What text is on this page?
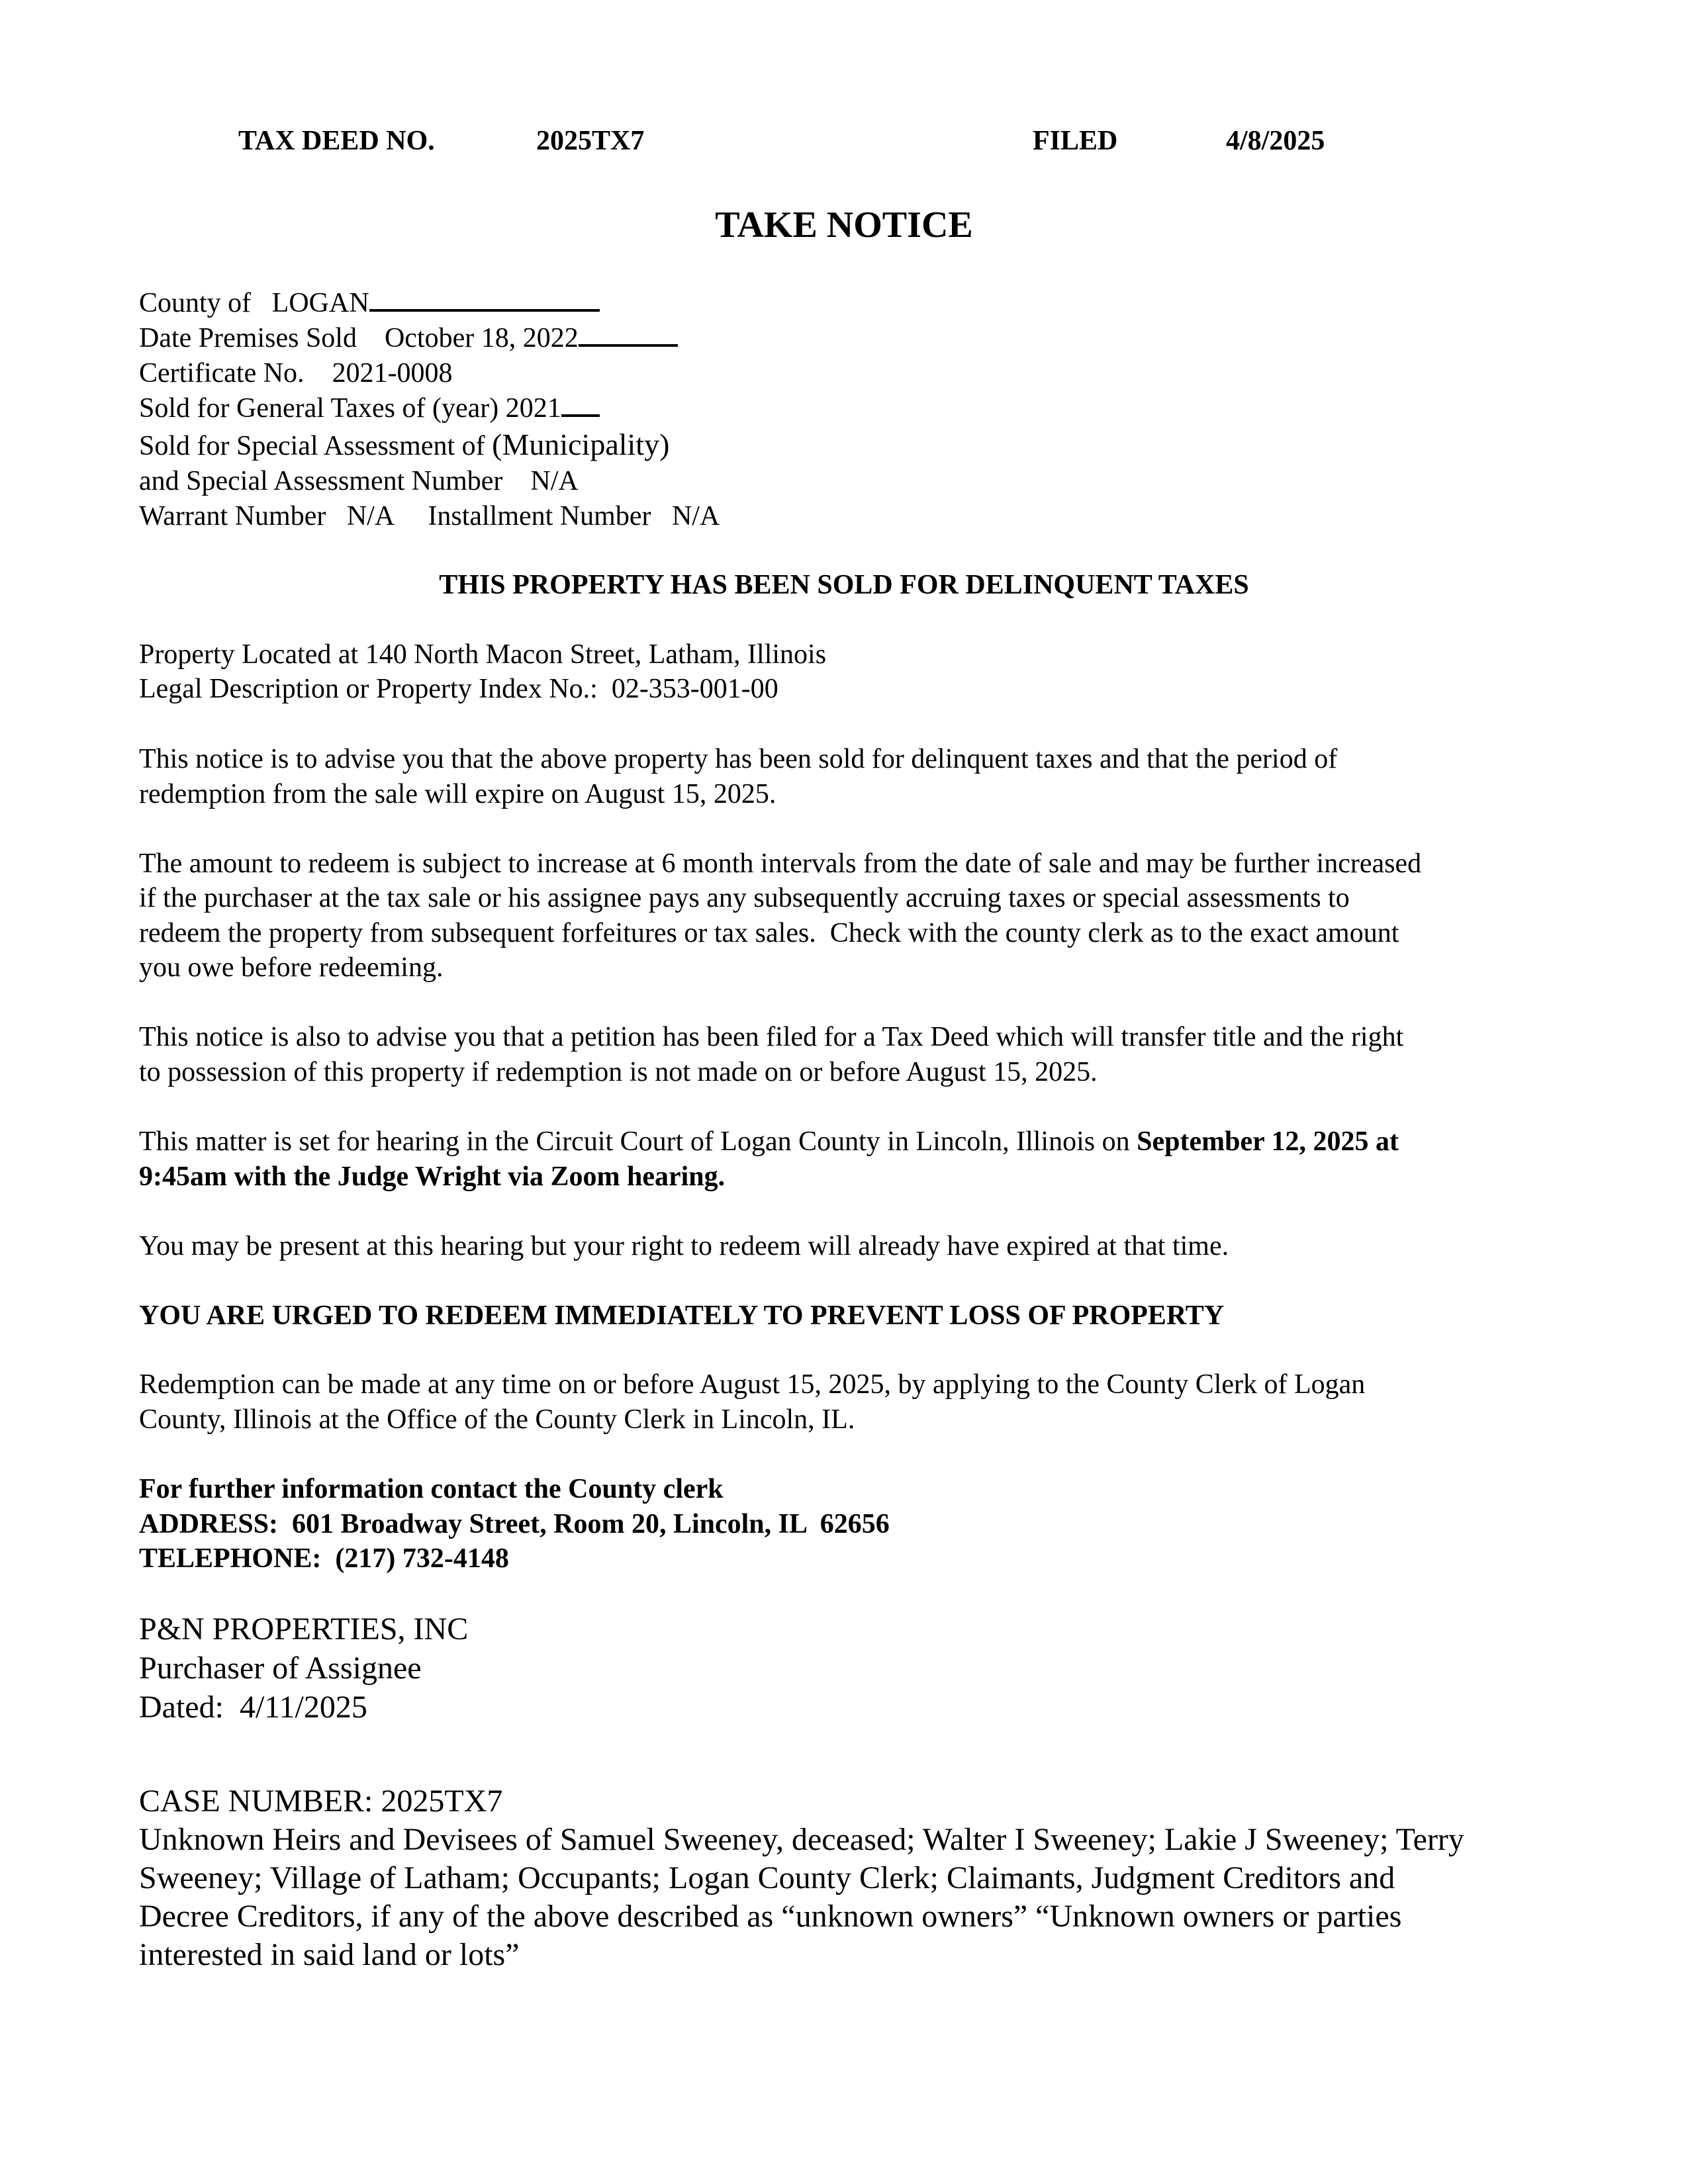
TAX DEED NO.	2025TX7	FILED	4/8/2025
TAKE NOTICE
County of LOGAN
Date Premises Sold October 18, 2022
Certificate No. 2021-0008
Sold for General Taxes of (year) 2021
Sold for Special Assessment of (Municipality)
and Special Assessment Number N/A
Warrant Number N/A Installment Number N/A
THIS PROPERTY HAS BEEN SOLD FOR DELINQUENT TAXES
Property Located at 140 North Macon Street, Latham, Illinois
Legal Description or Property Index No.:  02-353-001-00
This notice is to advise you that the above property has been sold for delinquent taxes and that the period of
redemption from the sale will expire on August 15, 2025.
The amount to redeem is subject to increase at 6 month intervals from the date of sale and may be further increased
if the purchaser at the tax sale or his assignee pays any subsequently accruing taxes or special assessments to
redeem the property from subsequent forfeitures or tax sales.  Check with the county clerk as to the exact amount
you owe before redeeming.
This notice is also to advise you that a petition has been filed for a Tax Deed which will transfer title and the right
to possession of this property if redemption is not made on or before August 15, 2025.
This matter is set for hearing in the Circuit Court of Logan County in Lincoln, Illinois on September 12, 2025 at
9:45am with the Judge Wright via Zoom hearing.
You may be present at this hearing but your right to redeem will already have expired at that time.
YOU ARE URGED TO REDEEM IMMEDIATELY TO PREVENT LOSS OF PROPERTY
Redemption can be made at any time on or before August 15, 2025, by applying to the County Clerk of Logan
County, Illinois at the Office of the County Clerk in Lincoln, IL.
For further information contact the County clerk
ADDRESS:  601 Broadway Street, Room 20, Lincoln, IL  62656
TELEPHONE:  (217) 732-4148
P&N PROPERTIES, INC
Purchaser of Assignee
Dated:  4/11/2025
CASE NUMBER: 2025TX7
Unknown Heirs and Devisees of Samuel Sweeney, deceased; Walter I Sweeney; Lakie J Sweeney; Terry
Sweeney; Village of Latham; Occupants; Logan County Clerk; Claimants, Judgment Creditors and
Decree Creditors, if any of the above described as “unknown owners” “Unknown owners or parties
interested in said land or lots”
